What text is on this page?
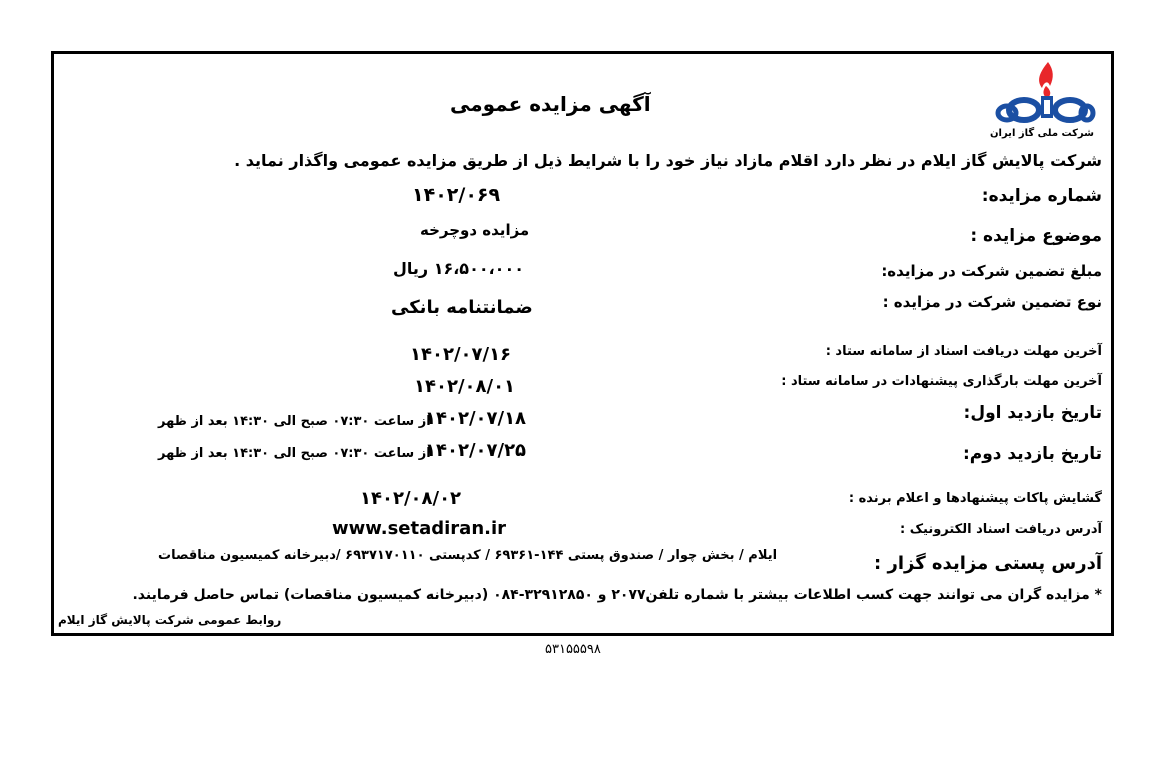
شرکت ملی گاز ایران
آگهی مزایده عمومی
شرکت پالایش گاز ایلام در نظر دارد اقلام مازاد نیاز خود را با شرایط ذیل از طریق مزایده عمومی واگذار نماید .
شماره مزایده:
۱۴۰۲/۰۶۹
موضوع مزایده :
مزایده دوچرخه
مبلغ تضمین شرکت در مزایده:
۱۶،۵۰۰،۰۰۰ ریال
نوع تضمین شرکت در مزایده :
ضمانتنامه بانکی
آخرین مهلت دریافت اسناد از سامانه ستاد :
۱۴۰۲/۰۷/۱۶
آخرین مهلت بارگذاری پیشنهادات در سامانه ستاد :
۱۴۰۲/۰۸/۰۱
تاریخ بازدید اول:
۱۴۰۲/۰۷/۱۸
از ساعت ۰۷:۳۰ صبح الی ۱۴:۳۰ بعد از ظهر
تاریخ بازدید دوم:
۱۴۰۲/۰۷/۲۵
از ساعت ۰۷:۳۰ صبح الی ۱۴:۳۰ بعد از ظهر
گشایش پاکات پیشنهادها و اعلام برنده :
۱۴۰۲/۰۸/۰۲
آدرس دریافت اسناد الکترونیک :
www.setadiran.ir
آدرس پستی مزایده گزار :
ایلام / بخش چوار / صندوق پستی ۱۴۴-۶۹۳۶۱ / کدپستی ۶۹۳۷۱۷۰۱۱۰ /دبیرخانه کمیسیون مناقصات
* مزایده گران می توانند جهت کسب اطلاعات بیشتر با شماره تلفن۲۰۷۷ و ۳۲۹۱۲۸۵۰-۰۸۴ (دبیرخانه کمیسیون مناقصات) تماس حاصل فرمایند.
روابط عمومی شرکت پالایش گاز ایلام
۵۳۱۵۵۵۹۸
